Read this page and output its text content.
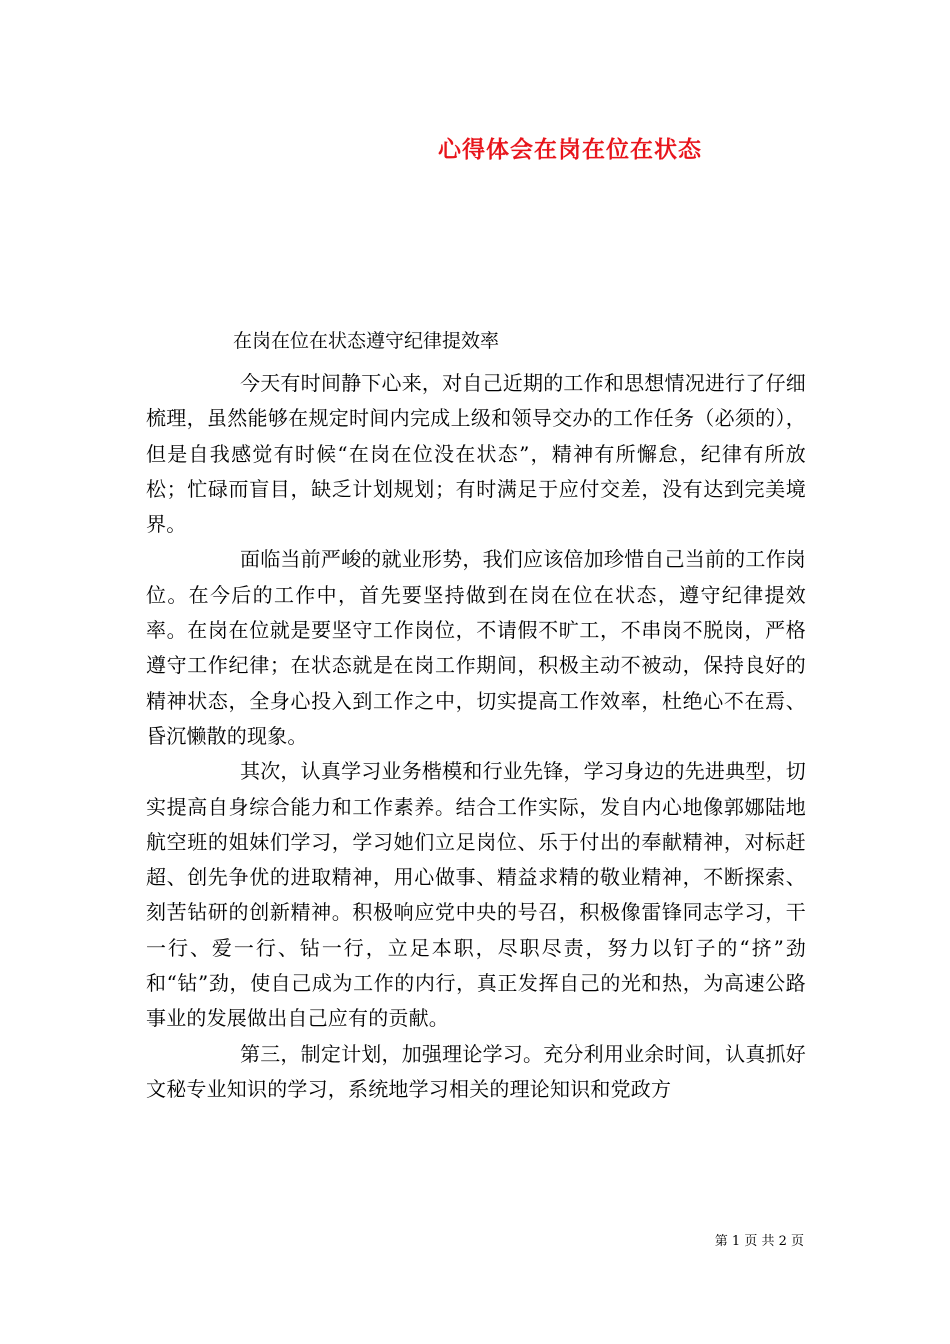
心得体会在岗在位在状态

在岗在位在状态遵守纪律提效率

今天有时间静下心来，对自己近期的工作和思想情况进行了仔细梳理，虽然能够在规定时间内完成上级和领导交办的工作任务（必须的），但是自我感觉有时候“在岗在位没在状态”，精神有所懈怠，纪律有所放松；忙碌而盲目，缺乏计划规划；有时满足于应付交差，没有达到完美境界。

面临当前严峻的就业形势，我们应该倍加珍惜自己当前的工作岗位。在今后的工作中，首先要坚持做到在岗在位在状态，遵守纪律提效率。在岗在位就是要坚守工作岗位，不请假不旷工，不串岗不脱岗，严格遵守工作纪律；在状态就是在岗工作期间，积极主动不被动，保持良好的精神状态，全身心投入到工作之中，切实提高工作效率，杜绝心不在焉、昏沉懒散的现象。

其次，认真学习业务楷模和行业先锋，学习身边的先进典型，切实提高自身综合能力和工作素养。结合工作实际，发自内心地像郭娜陆地航空班的姐妹们学习，学习她们立足岗位、乐于付出的奉献精神，对标赶超、创先争优的进取精神，用心做事、精益求精的敬业精神，不断探索、刻苦钻研的创新精神。积极响应党中央的号召，积极像雷锋同志学习，干一行、爱一行、钻一行，立足本职，尽职尽责，努力以钉子的“挤”劲和“钻”劲，使自己成为工作的内行，真正发挥自己的光和热，为高速公路事业的发展做出自己应有的贡献。

第三，制定计划，加强理论学习。充分利用业余时间，认真抓好文秘专业知识的学习，系统地学习相关的理论知识和党政方

第 1 页 共 2 页
